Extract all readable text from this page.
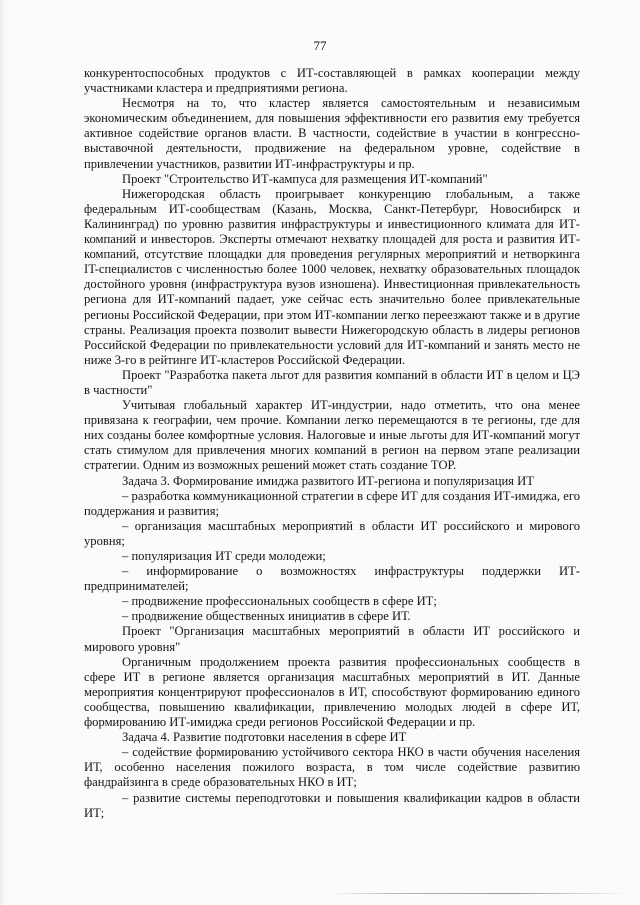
77
конкурентоспособных продуктов с ИТ-составляющей в рамках кооперации между участниками кластера и предприятиями региона.
Несмотря на то, что кластер является самостоятельным и независимым экономическим объединением, для повышения эффективности его развития ему требуется активное содействие органов власти. В частности, содействие в участии в конгрессно-выставочной деятельности, продвижение на федеральном уровне, содействие в привлечении участников, развитии ИТ-инфраструктуры и пр.
Проект "Строительство ИТ-кампуса для размещения ИТ-компаний"
Нижегородская область проигрывает конкуренцию глобальным, а также федеральным ИТ-сообществам (Казань, Москва, Санкт-Петербург, Новосибирск и Калининград) по уровню развития инфраструктуры и инвестиционного климата для ИТ-компаний и инвесторов. Эксперты отмечают нехватку площадей для роста и развития ИТ-компаний, отсутствие площадки для проведения регулярных мероприятий и нетворкинга IT-специалистов с численностью более 1000 человек, нехватку образовательных площадок достойного уровня (инфраструктура вузов изношена). Инвестиционная привлекательность региона для ИТ-компаний падает, уже сейчас есть значительно более привлекательные регионы Российской Федерации, при этом ИТ-компании легко переезжают также и в другие страны. Реализация проекта позволит вывести Нижегородскую область в лидеры регионов Российской Федерации по привлекательности условий для ИТ-компаний и занять место не ниже 3-го в рейтинге ИТ-кластеров Российской Федерации.
Проект "Разработка пакета льгот для развития компаний в области ИТ в целом и ЦЭ в частности"
Учитывая глобальный характер ИТ-индустрии, надо отметить, что она менее привязана к географии, чем прочие. Компании легко перемещаются в те регионы, где для них созданы более комфортные условия. Налоговые и иные льготы для ИТ-компаний могут стать стимулом для привлечения многих компаний в регион на первом этапе реализации стратегии. Одним из возможных решений может стать создание ТОР.
Задача 3. Формирование имиджа развитого ИТ-региона и популяризация ИТ
– разработка коммуникационной стратегии в сфере ИТ для создания ИТ-имиджа, его поддержания и развития;
– организация масштабных мероприятий в области ИТ российского и мирового уровня;
– популяризация ИТ среди молодежи;
– информирование о возможностях инфраструктуры поддержки ИТ-предпринимателей;
– продвижение профессиональных сообществ в сфере ИТ;
– продвижение общественных инициатив в сфере ИТ.
Проект "Организация масштабных мероприятий в области ИТ российского и мирового уровня"
Органичным продолжением проекта развития профессиональных сообществ в сфере ИТ в регионе является организация масштабных мероприятий в ИТ. Данные мероприятия концентрируют профессионалов в ИТ, способствуют формированию единого сообщества, повышению квалификации, привлечению молодых людей в сфере ИТ, формированию ИТ-имиджа среди регионов Российской Федерации и пр.
Задача 4. Развитие подготовки населения в сфере ИТ
– содействие формированию устойчивого сектора НКО в части обучения населения ИТ, особенно населения пожилого возраста, в том числе содействие развитию фандрайзинга в среде образовательных НКО в ИТ;
– развитие системы переподготовки и повышения квалификации кадров в области ИТ;
